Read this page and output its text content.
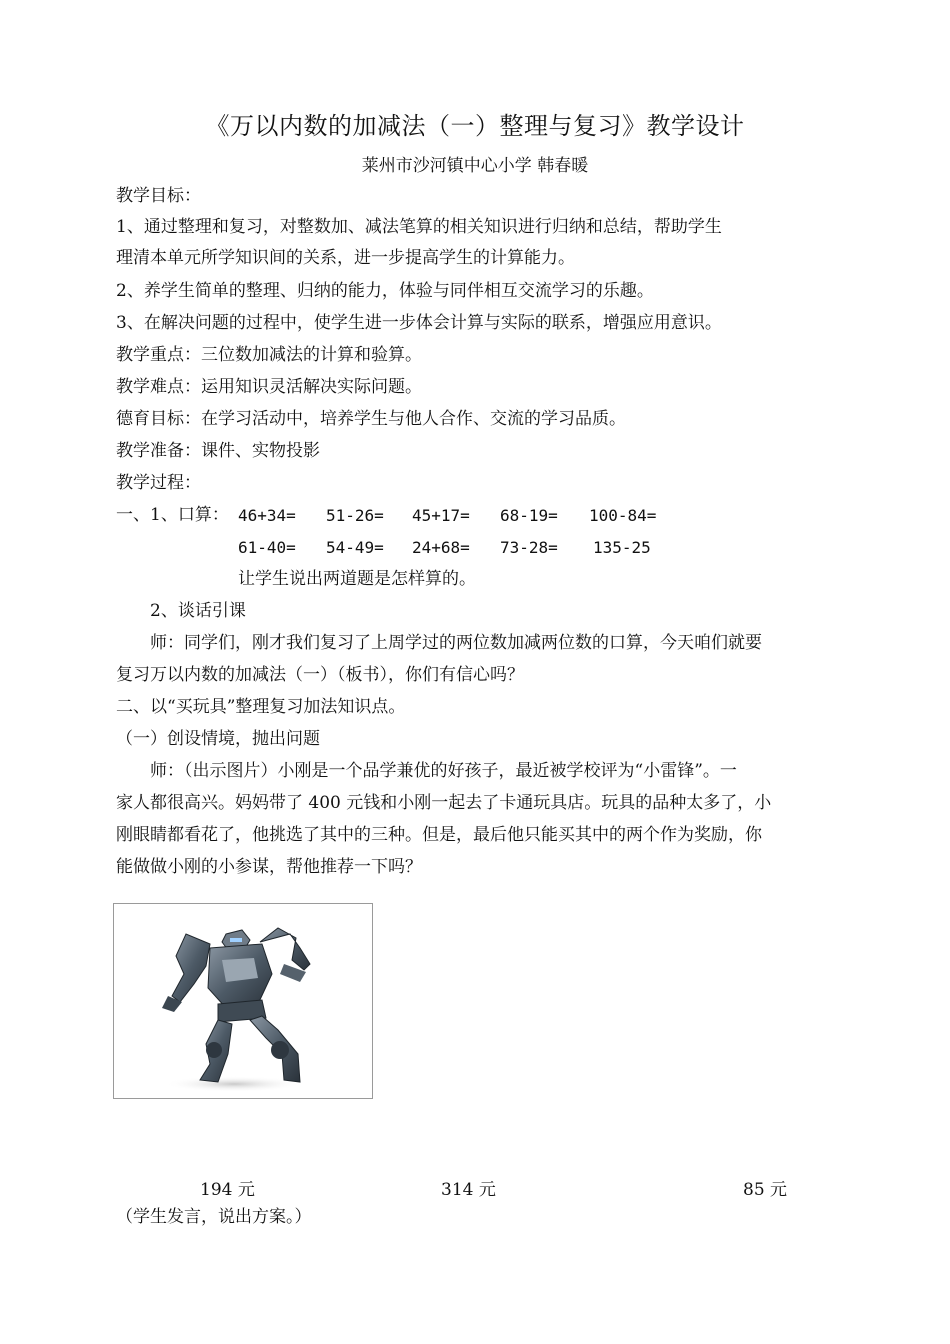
《万以内数的加减法（一）整理与复习》教学设计
莱州市沙河镇中心小学 韩春暖
教学目标：
1、通过整理和复习，对整数加、减法笔算的相关知识进行归纳和总结，帮助学生
理清本单元所学知识间的关系，进一步提高学生的计算能力。
2、养学生简单的整理、归纳的能力，体验与同伴相互交流学习的乐趣。
3、在解决问题的过程中，使学生进一步体会计算与实际的联系，增强应用意识。
教学重点：三位数加减法的计算和验算。
教学难点：运用知识灵活解决实际问题。
德育目标：在学习活动中，培养学生与他人合作、交流的学习品质。
教学准备：课件、实物投影
教学过程：
一、1、口算： 46+34= 51-26= 45+17= 68-19= 100-84=
61-40= 54-49= 24+68= 73-28= 135-25
让学生说出两道题是怎样算的。
2、谈话引课
师：同学们，刚才我们复习了上周学过的两位数加减两位数的口算，今天咱们就要
复习万以内数的加减法（一）（板书），你们有信心吗？
二、以“买玩具”整理复习加法知识点。
（一）创设情境，抛出问题
师：（出示图片）小刚是一个品学兼优的好孩子，最近被学校评为“小雷锋”。一
家人都很高兴。妈妈带了 400 元钱和小刚一起去了卡通玩具店。玩具的品种太多了，小
刚眼睛都看花了，他挑选了其中的三种。但是，最后他只能买其中的两个作为奖励，你
能做做小刚的小参谋，帮他推荐一下吗？
194 元	314 元	85 元
（学生发言，说出方案。）
